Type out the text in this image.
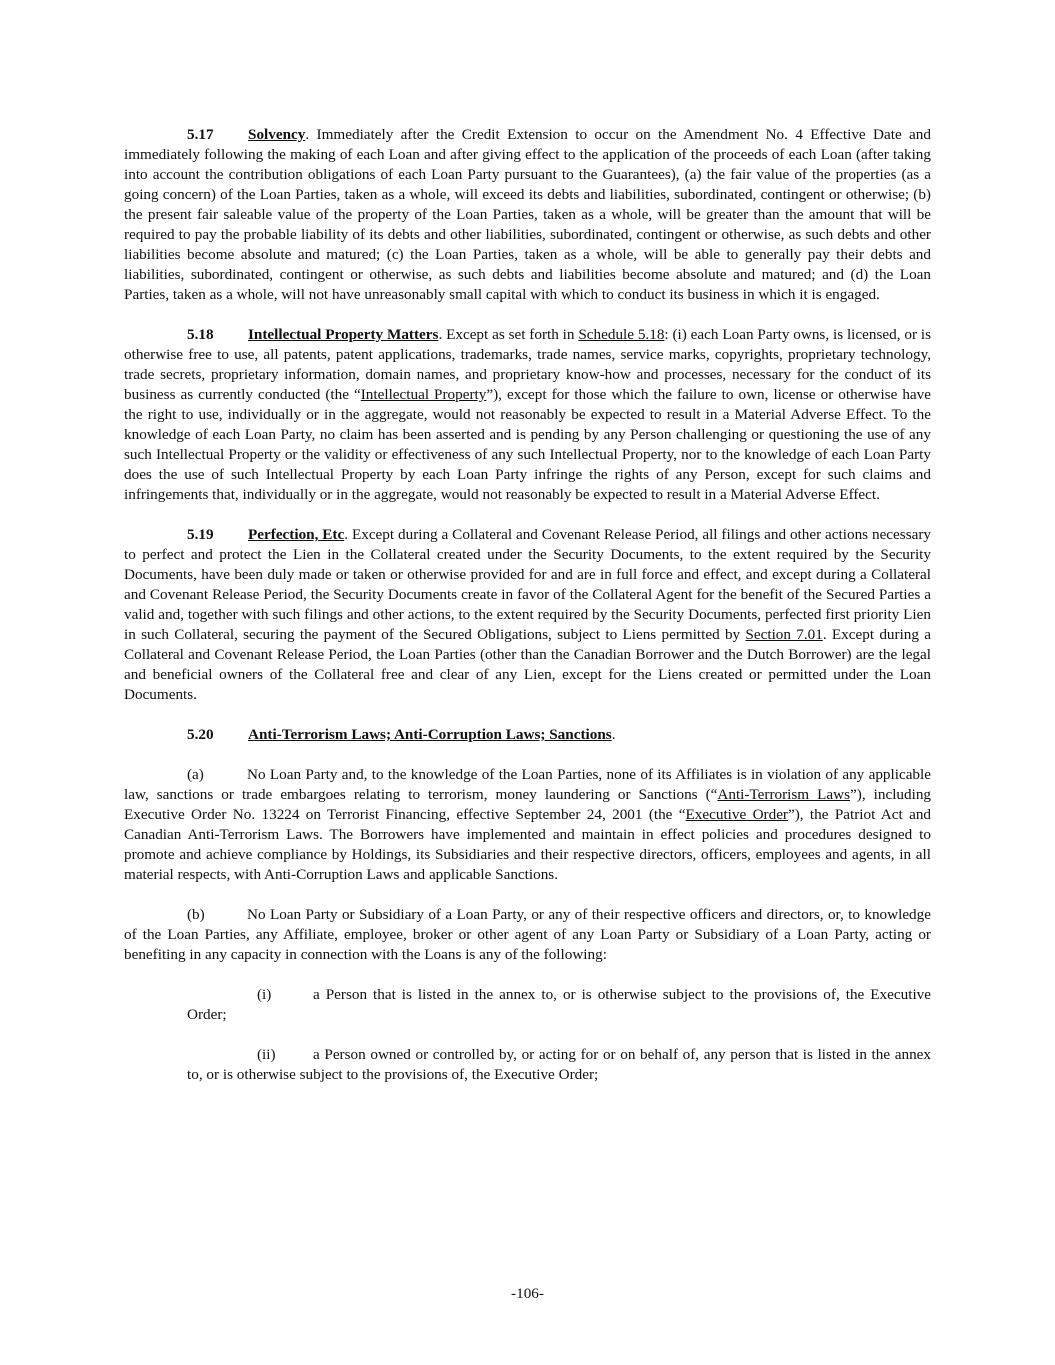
5.17 Solvency. Immediately after the Credit Extension to occur on the Amendment No. 4 Effective Date and immediately following the making of each Loan and after giving effect to the application of the proceeds of each Loan (after taking into account the contribution obligations of each Loan Party pursuant to the Guarantees), (a) the fair value of the properties (as a going concern) of the Loan Parties, taken as a whole, will exceed its debts and liabilities, subordinated, contingent or otherwise; (b) the present fair saleable value of the property of the Loan Parties, taken as a whole, will be greater than the amount that will be required to pay the probable liability of its debts and other liabilities, subordinated, contingent or otherwise, as such debts and other liabilities become absolute and matured; (c) the Loan Parties, taken as a whole, will be able to generally pay their debts and liabilities, subordinated, contingent or otherwise, as such debts and liabilities become absolute and matured; and (d) the Loan Parties, taken as a whole, will not have unreasonably small capital with which to conduct its business in which it is engaged.

5.18 Intellectual Property Matters. Except as set forth in Schedule 5.18: (i) each Loan Party owns, is licensed, or is otherwise free to use, all patents, patent applications, trademarks, trade names, service marks, copyrights, proprietary technology, trade secrets, proprietary information, domain names, and proprietary know-how and processes, necessary for the conduct of its business as currently conducted (the “Intellectual Property”), except for those which the failure to own, license or otherwise have the right to use, individually or in the aggregate, would not reasonably be expected to result in a Material Adverse Effect. To the knowledge of each Loan Party, no claim has been asserted and is pending by any Person challenging or questioning the use of any such Intellectual Property or the validity or effectiveness of any such Intellectual Property, nor to the knowledge of each Loan Party does the use of such Intellectual Property by each Loan Party infringe the rights of any Person, except for such claims and infringements that, individually or in the aggregate, would not reasonably be expected to result in a Material Adverse Effect.

5.19 Perfection, Etc. Except during a Collateral and Covenant Release Period, all filings and other actions necessary to perfect and protect the Lien in the Collateral created under the Security Documents, to the extent required by the Security Documents, have been duly made or taken or otherwise provided for and are in full force and effect, and except during a Collateral and Covenant Release Period, the Security Documents create in favor of the Collateral Agent for the benefit of the Secured Parties a valid and, together with such filings and other actions, to the extent required by the Security Documents, perfected first priority Lien in such Collateral, securing the payment of the Secured Obligations, subject to Liens permitted by Section 7.01. Except during a Collateral and Covenant Release Period, the Loan Parties (other than the Canadian Borrower and the Dutch Borrower) are the legal and beneficial owners of the Collateral free and clear of any Lien, except for the Liens created or permitted under the Loan Documents.

5.20 Anti-Terrorism Laws; Anti-Corruption Laws; Sanctions.

(a)	No Loan Party and, to the knowledge of the Loan Parties, none of its Affiliates is in violation of any applicable law, sanctions or trade embargoes relating to terrorism, money laundering or Sanctions (“Anti-Terrorism Laws”), including Executive Order No. 13224 on Terrorist Financing, effective September 24, 2001 (the “Executive Order”), the Patriot Act and Canadian Anti-Terrorism Laws. The Borrowers have implemented and maintain in effect policies and procedures designed to promote and achieve compliance by Holdings, its Subsidiaries and their respective directors, officers, employees and agents, in all material respects, with Anti-Corruption Laws and applicable Sanctions.

(b)	No Loan Party or Subsidiary of a Loan Party, or any of their respective officers and directors, or, to knowledge of the Loan Parties, any Affiliate, employee, broker or other agent of any Loan Party or Subsidiary of a Loan Party, acting or benefiting in any capacity in connection with the Loans is any of the following:

(i)	a Person that is listed in the annex to, or is otherwise subject to the provisions of, the Executive Order;

(ii) a Person owned or controlled by, or acting for or on behalf of, any person that is listed in the annex to, or is otherwise subject to the provisions of, the Executive Order;

-106-
